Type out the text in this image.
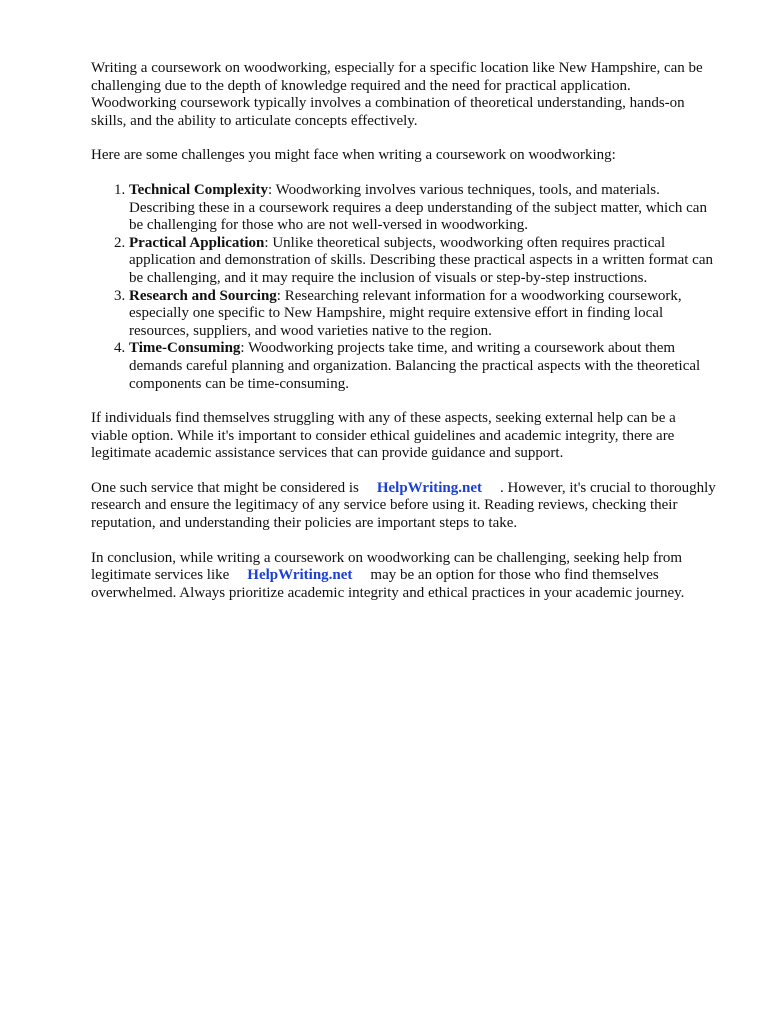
Writing a coursework on woodworking, especially for a specific location like New Hampshire, can be challenging due to the depth of knowledge required and the need for practical application. Woodworking coursework typically involves a combination of theoretical understanding, hands-on skills, and the ability to articulate concepts effectively.

Here are some challenges you might face when writing a coursework on woodworking:

1. Technical Complexity: Woodworking involves various techniques, tools, and materials. Describing these in a coursework requires a deep understanding of the subject matter, which can be challenging for those who are not well-versed in woodworking.
2. Practical Application: Unlike theoretical subjects, woodworking often requires practical application and demonstration of skills. Describing these practical aspects in a written format can be challenging, and it may require the inclusion of visuals or step-by-step instructions.
3. Research and Sourcing: Researching relevant information for a woodworking coursework, especially one specific to New Hampshire, might require extensive effort in finding local resources, suppliers, and wood varieties native to the region.
4. Time-Consuming: Woodworking projects take time, and writing a coursework about them demands careful planning and organization. Balancing the practical aspects with the theoretical components can be time-consuming.

If individuals find themselves struggling with any of these aspects, seeking external help can be a viable option. While it's important to consider ethical guidelines and academic integrity, there are legitimate academic assistance services that can provide guidance and support.

One such service that might be considered is HelpWriting.net . However, it's crucial to thoroughly research and ensure the legitimacy of any service before using it. Reading reviews, checking their reputation, and understanding their policies are important steps to take.

In conclusion, while writing a coursework on woodworking can be challenging, seeking help from legitimate services like HelpWriting.net may be an option for those who find themselves overwhelmed. Always prioritize academic integrity and ethical practices in your academic journey.
